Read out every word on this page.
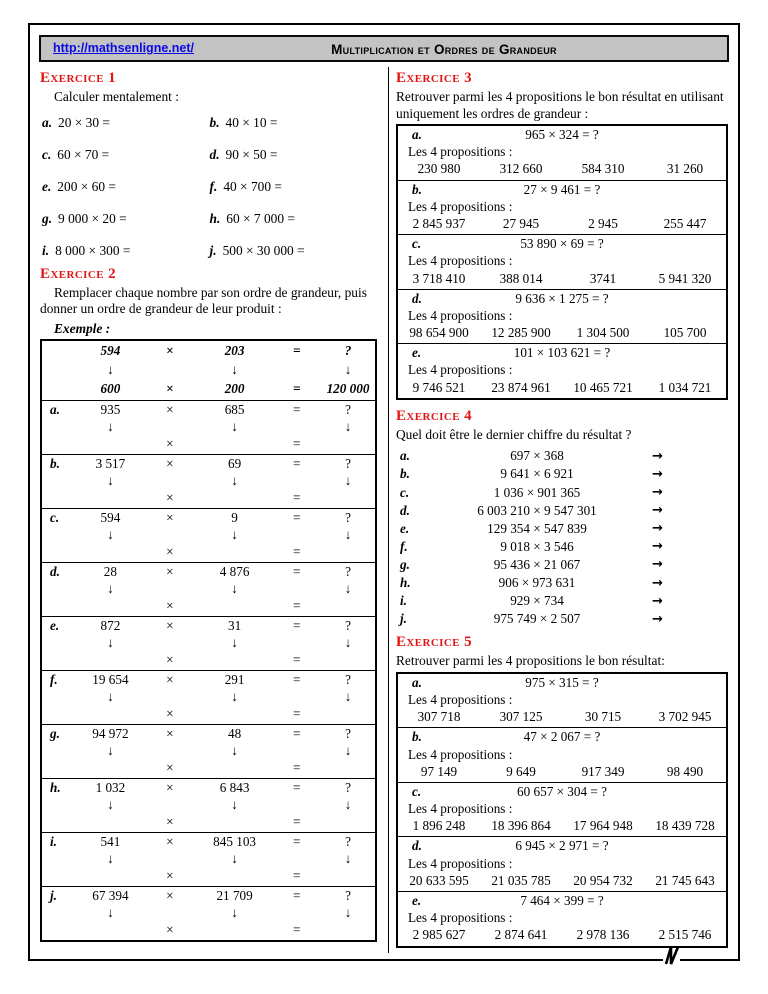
http://mathsenligne.net/	Multiplication et Ordres de Grandeur
Exercice 1
Calculer mentalement :
a. 20 × 30 =	b. 40 × 10 =
c. 60 × 70 =	d. 90 × 50 =
e. 200 × 60 =	f. 40 × 700 =
g. 9 000 × 20 =	h. 60 × 7 000 =
i. 8 000 × 300 =	j. 500 × 30 000 =
Exercice 2

Remplacer chaque nombre par son ordre de grandeur, puis donner un ordre de grandeur de leur produit :

Exemple :
594	×	203	=	?
↓	↓	↓
600	×	200	=	120 000
a.	935	×	685	=	?
↓	↓	↓
×	=
b.	3 517	×	69	=	?
↓	↓	↓
×	=
c.	594	×	9	=	?
↓	↓	↓
×	=
d.	28	×	4 876	=	?
↓	↓	↓
×	=
e.	872	×	31	=	?
↓	↓	↓
×	=
f.	19 654	×	291	=	?
↓	↓	↓
×	=
g.	94 972	×	48	=	?
↓	↓	↓
×	=
h.	1 032	×	6 843	=	?
↓	↓	↓
×	=
i.	541	×	845 103	=	?
↓	↓	↓
×	=
j.	67 394	×	21 709	=	?
↓	↓	↓
×	=
Exercice 3

Retrouver parmi les 4 propositions le bon résultat en utilisant uniquement les ordres de grandeur :

a.	965 × 324 = ?
Les 4 propositions :
230 980	312 660	584 310	31 260
b.	27 × 9 461 = ?
Les 4 propositions :
2 845 937	27 945	2 945	255 447
c.	53 890 × 69 = ?
Les 4 propositions :
3 718 410	388 014	3741	5 941 320
d.	9 636 × 1 275 = ?
Les 4 propositions :
98 654 900	12 285 900	1 304 500	105 700
e.	101 × 103 621 = ?
Les 4 propositions :
9 746 521	23 874 961	10 465 721	1 034 721
Exercice 4
Quel doit être le dernier chiffre du résultat ?
a.	697 × 368	→
b.	9 641 × 6 921	→
c.	1 036 × 901 365	→
d.	6 003 210 × 9 547 301	→
e.	129 354 × 547 839	→
f.	9 018 × 3 546	→
g.	95 436 × 21 067	→
h.	906 × 973 631	→
i.	929 × 734	→
j.	975 749 × 2 507	→
Exercice 5
Retrouver parmi les 4 propositions le bon résultat:
a.	975 × 315 = ?
Les 4 propositions :
307 718	307 125	30 715	3 702 945
b.	47 × 2 067 = ?
Les 4 propositions :
97 149	9 649	917 349	98 490
c.	60 657 × 304 = ?
Les 4 propositions :
1 896 248	18 396 864	17 964 948	18 439 728
d.	6 945 × 2 971 = ?
Les 4 propositions :
20 633 595	21 035 785	20 954 732	21 745 643
e.	7 464 × 399 = ?
Les 4 propositions :
2 985 627	2 874 641	2 978 136	2 515 746
